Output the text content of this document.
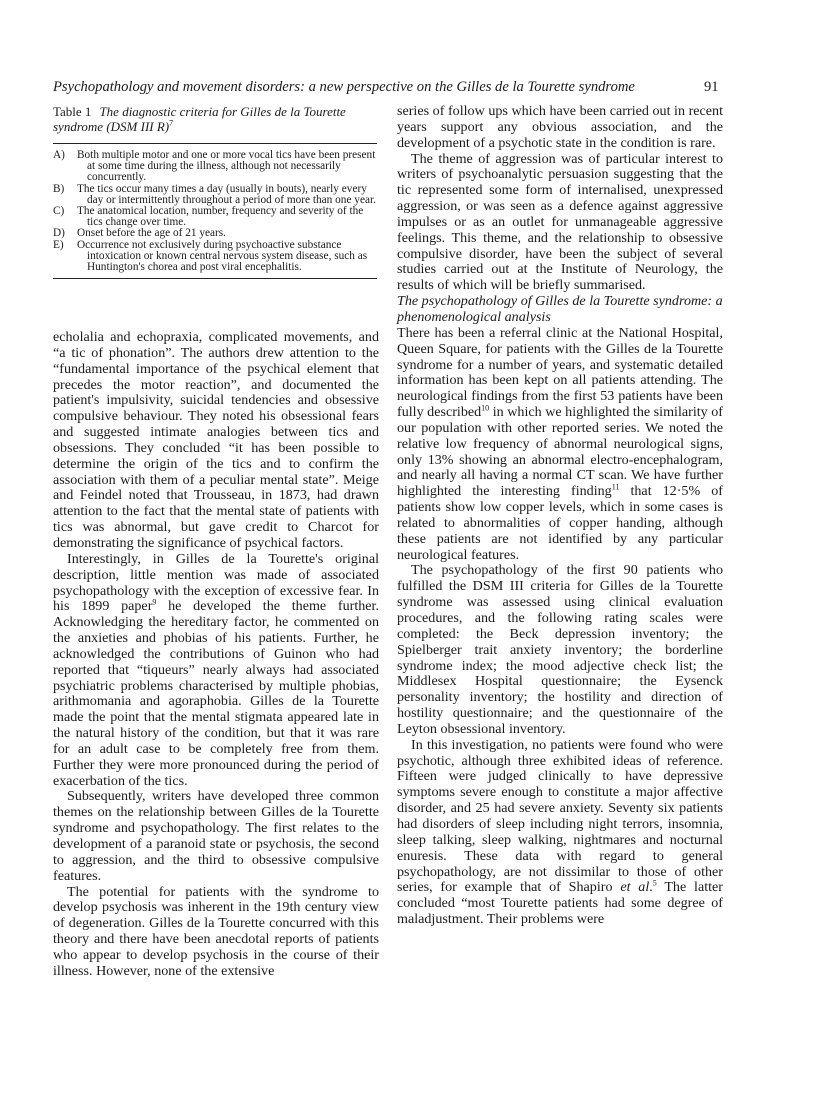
Psychopathology and movement disorders: a new perspective on the Gilles de la Tourette syndrome	91
Table 1 The diagnostic criteria for Gilles de la Tourette syndrome (DSM III R)$^7$
A) Both multiple motor and one or more vocal tics have been present at some time during the illness, although not necessarily concurrently.
B) The tics occur many times a day (usually in bouts), nearly every day or intermittently throughout a period of more than one year.
C) The anatomical location, number, frequency and severity of the tics change over time.
D) Onset before the age of 21 years.
E) Occurrence not exclusively during psychoactive substance intoxication or known central nervous system disease, such as Huntington's chorea and post viral encephalitis.

echolalia and echopraxia, complicated movements, and “a tic of phonation”. The authors drew attention to the “fundamental importance of the psychical element that precedes the motor reaction”, and documented the patient's impulsivity, suicidal tendencies and obsessive compulsive behaviour. They noted his obsessional fears and suggested intimate analogies between tics and obsessions. They concluded “it has been possible to determine the origin of the tics and to confirm the association with them of a peculiar mental state”. Meige and Feindel noted that Trousseau, in 1873, had drawn attention to the fact that the mental state of patients with tics was abnormal, but gave credit to Charcot for demonstrating the significance of psychical factors.

Interestingly, in Gilles de la Tourette's original description, little mention was made of associated psychopathology with the exception of excessive fear. In his 1899 paper$^9$ he developed the theme further. Acknowledging the hereditary factor, he commented on the anxieties and phobias of his patients. Further, he acknowledged the contributions of Guinon who had reported that “tiqueurs” nearly always had associated psychiatric problems characterised by multiple phobias, arithmomania and agoraphobia. Gilles de la Tourette made the point that the mental stigmata appeared late in the natural history of the condition, but that it was rare for an adult case to be completely free from them. Further they were more pronounced during the period of exacerbation of the tics.

Subsequently, writers have developed three common themes on the relationship between Gilles de la Tourette syndrome and psychopathology. The first relates to the development of a paranoid state or psychosis, the second to aggression, and the third to obsessive compulsive features.

The potential for patients with the syndrome to develop psychosis was inherent in the 19th century view of degeneration. Gilles de la Tourette concurred with this theory and there have been anecdotal reports of patients who appear to develop psychosis in the course of their illness. However, none of the extensive

series of follow ups which have been carried out in recent years support any obvious association, and the development of a psychotic state in the condition is rare.

The theme of aggression was of particular interest to writers of psychoanalytic persuasion suggesting that the tic represented some form of internalised, unexpressed aggression, or was seen as a defence against aggressive impulses or as an outlet for unmanageable aggressive feelings. This theme, and the relationship to obsessive compulsive disorder, have been the subject of several studies carried out at the Institute of Neurology, the results of which will be briefly summarised.

The psychopathology of Gilles de la Tourette syndrome: a phenomenological analysis

There has been a referral clinic at the National Hospital, Queen Square, for patients with the Gilles de la Tourette syndrome for a number of years, and systematic detailed information has been kept on all patients attending. The neurological findings from the first 53 patients have been fully described$^{10}$ in which we highlighted the similarity of our population with other reported series. We noted the relative low frequency of abnormal neurological signs, only 13% showing an abnormal electro-encephalogram, and nearly all having a normal CT scan. We have further highlighted the interesting finding$^{11}$ that 12·5% of patients show low copper levels, which in some cases is related to abnormalities of copper handing, although these patients are not identified by any particular neurological features.

The psychopathology of the first 90 patients who fulfilled the DSM III criteria for Gilles de la Tourette syndrome was assessed using clinical evaluation procedures, and the following rating scales were completed: the Beck depression inventory; the Spielberger trait anxiety inventory; the borderline syndrome index; the mood adjective check list; the Middlesex Hospital questionnaire; the Eysenck personality inventory; the hostility and direction of hostility questionnaire; and the questionnaire of the Leyton obsessional inventory.

In this investigation, no patients were found who were psychotic, although three exhibited ideas of reference. Fifteen were judged clinically to have depressive symptoms severe enough to constitute a major affective disorder, and 25 had severe anxiety. Seventy six patients had disorders of sleep including night terrors, insomnia, sleep talking, sleep walking, nightmares and nocturnal enuresis. These data with regard to general psychopathology, are not dissimilar to those of other series, for example that of Shapiro et al.$^5$ The latter concluded “most Tourette patients had some degree of maladjustment. Their problems were
